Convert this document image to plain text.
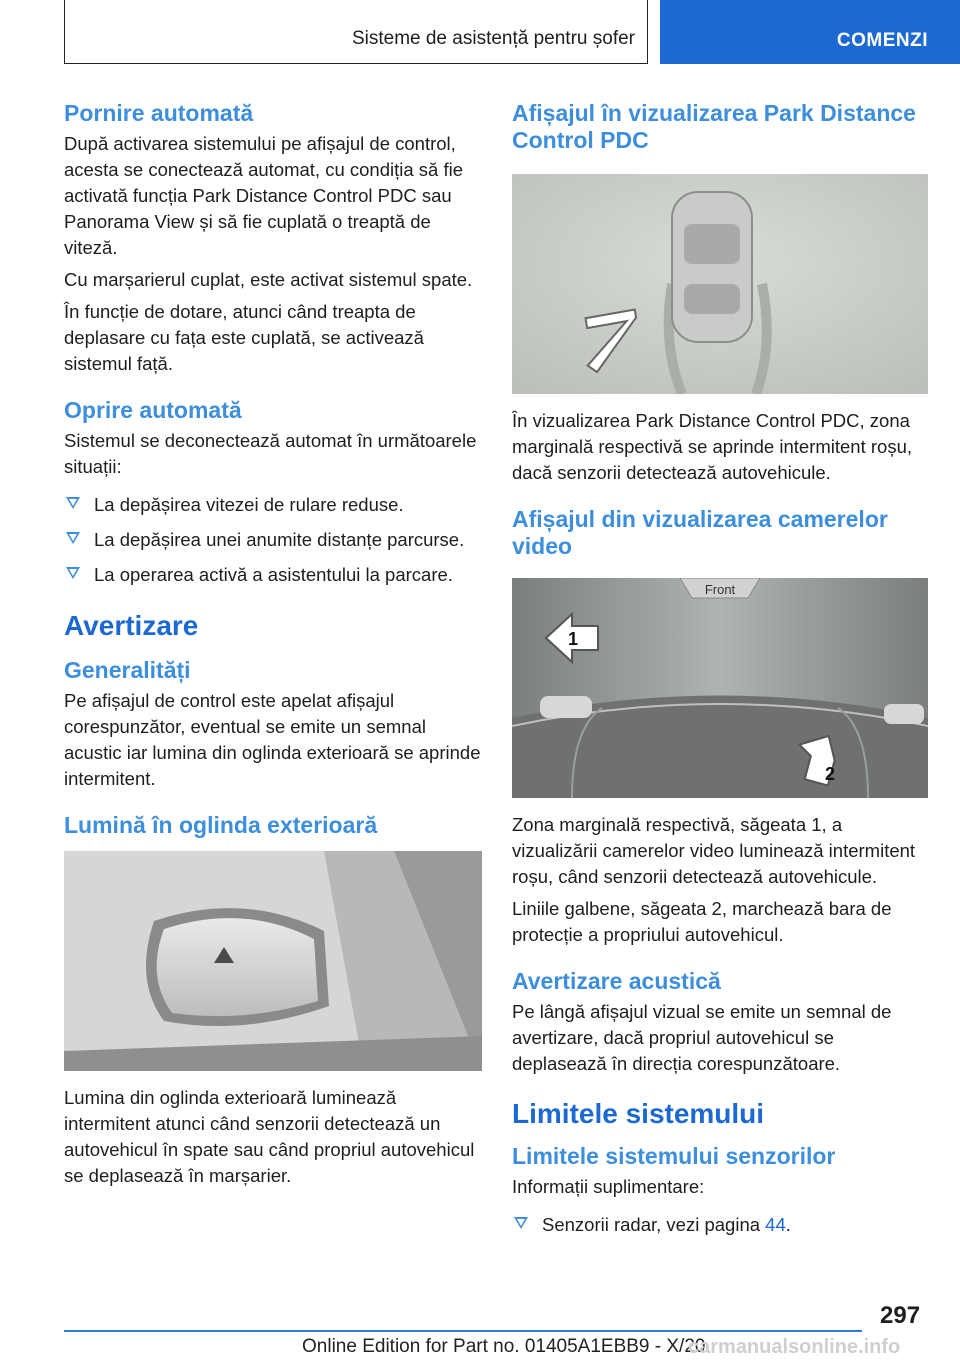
Sisteme de asistență pentru șofer	COMENZI
Pornire automată

După activarea sistemului pe afișajul de control, acesta se conectează automat, cu condiția să fie activată funcția Park Distance Control PDC sau Panorama View și să fie cuplată o treaptă de viteză.

Cu marșarierul cuplat, este activat sistemul spate.

În funcție de dotare, atunci când treapta de deplasare cu fața este cuplată, se activează sistemul față.

Oprire automată

Sistemul se deconectează automat în următoarele situații:

La depășirea vitezei de rulare reduse.
La depășirea unei anumite distanțe parcurse.
La operarea activă a asistentului la parcare.
Avertizare
Generalități

Pe afișajul de control este apelat afișajul corespunzător, eventual se emite un semnal acustic iar lumina din oglinda exterioară se aprinde intermitent.

Lumină în oglinda exterioară

Lumina din oglinda exterioară luminează intermitent atunci când senzorii detectează un autovehicul în spate sau când propriul autovehicul se deplasează în marșarier.

Afișajul în vizualizarea Park Distance Control PDC

În vizualizarea Park Distance Control PDC, zona marginală respectivă se aprinde intermitent roșu, dacă senzorii detectează autovehicule.

Afișajul din vizualizarea camerelor video
Front
1
2

Zona marginală respectivă, săgeata 1, a vizualizării camerelor video luminează intermitent roșu, când senzorii detectează autovehicule.

Liniile galbene, săgeata 2, marchează bara de protecție a propriului autovehicul.

Avertizare acustică

Pe lângă afișajul vizual se emite un semnal de avertizare, dacă propriul autovehicul se deplasează în direcția corespunzătoare.

Limitele sistemului
Limitele sistemului senzorilor

Informații suplimentare:

Senzorii radar, vezi pagina 44.
297
Online Edition for Part no. 01405A1EBB9 - X/20
carmanualsonline.info
